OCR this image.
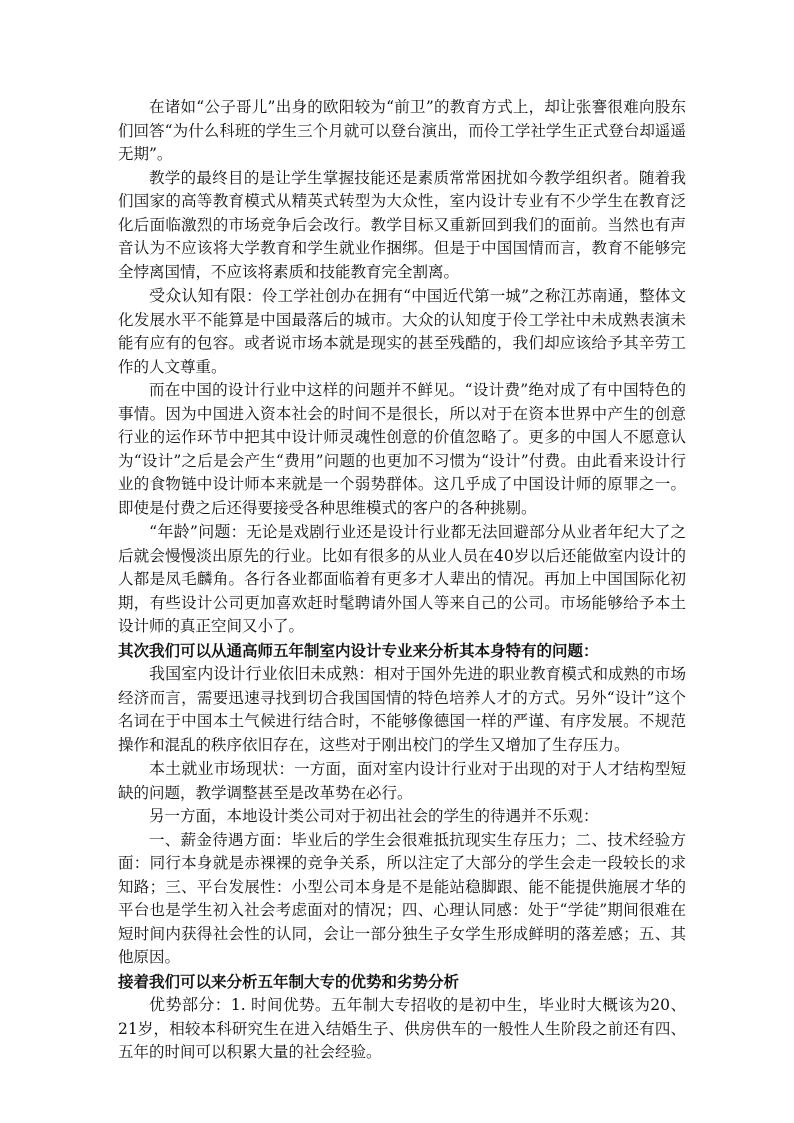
在诸如“公子哥儿”出身的欧阳较为“前卫”的教育方式上，却让张謇很难向股东们回答“为什么科班的学生三个月就可以登台演出，而伶工学社学生正式登台却遥遥无期”。

教学的最终目的是让学生掌握技能还是素质常常困扰如今教学组织者。随着我们国家的高等教育模式从精英式转型为大众性，室内设计专业有不少学生在教育泛化后面临激烈的市场竞争后会改行。教学目标又重新回到我们的面前。当然也有声音认为不应该将大学教育和学生就业作捆绑。但是于中国国情而言，教育不能够完全悖离国情，不应该将素质和技能教育完全割离。

受众认知有限：伶工学社创办在拥有“中国近代第一城”之称江苏南通，整体文化发展水平不能算是中国最落后的城市。大众的认知度于伶工学社中未成熟表演未能有应有的包容。或者说市场本就是现实的甚至残酷的，我们却应该给予其辛劳工作的人文尊重。

而在中国的设计行业中这样的问题并不鲜见。“设计费”绝对成了有中国特色的事情。因为中国进入资本社会的时间不是很长，所以对于在资本世界中产生的创意行业的运作环节中把其中设计师灵魂性创意的价值忽略了。更多的中国人不愿意认为“设计”之后是会产生“费用”问题的也更加不习惯为“设计”付费。由此看来设计行业的食物链中设计师本来就是一个弱势群体。这几乎成了中国设计师的原罪之一。即使是付费之后还得要接受各种思维模式的客户的各种挑剔。

“年龄”问题：无论是戏剧行业还是设计行业都无法回避部分从业者年纪大了之后就会慢慢淡出原先的行业。比如有很多的从业人员在40岁以后还能做室内设计的人都是凤毛麟角。各行各业都面临着有更多才人辈出的情况。再加上中国国际化初期，有些设计公司更加喜欢赶时髦聘请外国人等来自己的公司。市场能够给予本土设计师的真正空间又小了。

其次我们可以从通高师五年制室内设计专业来分析其本身特有的问题：

我国室内设计行业依旧未成熟：相对于国外先进的职业教育模式和成熟的市场经济而言，需要迅速寻找到切合我国国情的特色培养人才的方式。另外“设计”这个名词在于中国本土气候进行结合时，不能够像德国一样的严谨、有序发展。不规范操作和混乱的秩序依旧存在，这些对于刚出校门的学生又增加了生存压力。

本土就业市场现状：一方面，面对室内设计行业对于出现的对于人才结构型短缺的问题，教学调整甚至是改革势在必行。

另一方面，本地设计类公司对于初出社会的学生的待遇并不乐观：

一、薪金待遇方面：毕业后的学生会很难抵抗现实生存压力；二、技术经验方面：同行本身就是赤裸裸的竞争关系，所以注定了大部分的学生会走一段较长的求知路；三、平台发展性：小型公司本身是不是能站稳脚跟、能不能提供施展才华的平台也是学生初入社会考虑面对的情况；四、心理认同感：处于“学徒”期间很难在短时间内获得社会性的认同，会让一部分独生子女学生形成鲜明的落差感；五、其他原因。

接着我们可以来分析五年制大专的优势和劣势分析

优势部分：1. 时间优势。五年制大专招收的是初中生，毕业时大概该为20、21岁，相较本科研究生在进入结婚生子、供房供车的一般性人生阶段之前还有四、五年的时间可以积累大量的社会经验。
